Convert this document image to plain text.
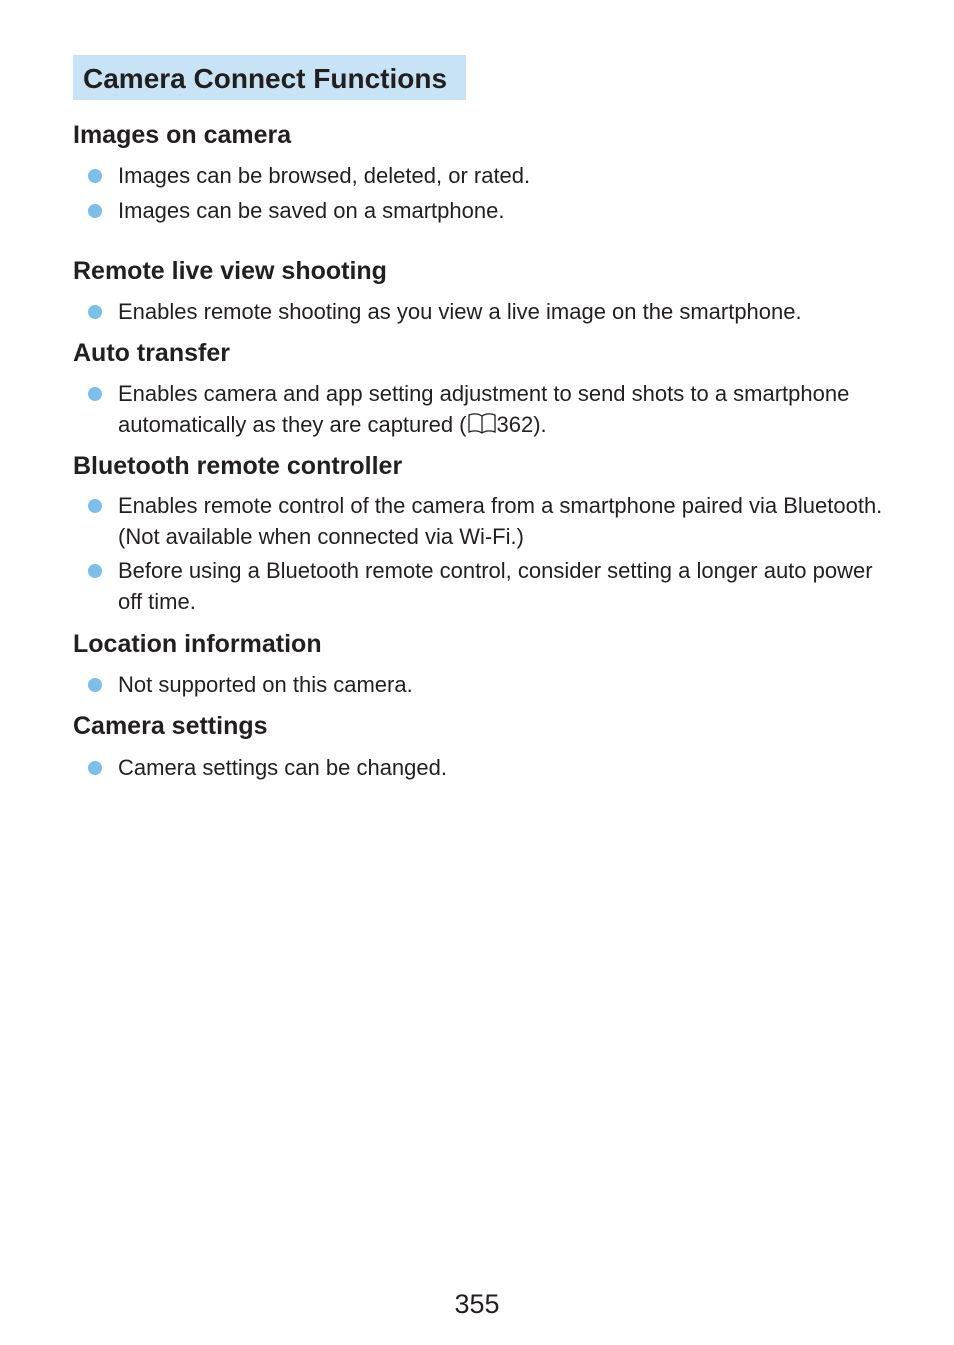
Camera Connect Functions
Images on camera
Images can be browsed, deleted, or rated.
Images can be saved on a smartphone.
Remote live view shooting
Enables remote shooting as you view a live image on the smartphone.
Auto transfer
Enables camera and app setting adjustment to send shots to a smartphone automatically as they are captured ( 362).
Bluetooth remote controller
Enables remote control of the camera from a smartphone paired via Bluetooth. (Not available when connected via Wi-Fi.)
Before using a Bluetooth remote control, consider setting a longer auto power off time.
Location information
Not supported on this camera.
Camera settings
Camera settings can be changed.
355
